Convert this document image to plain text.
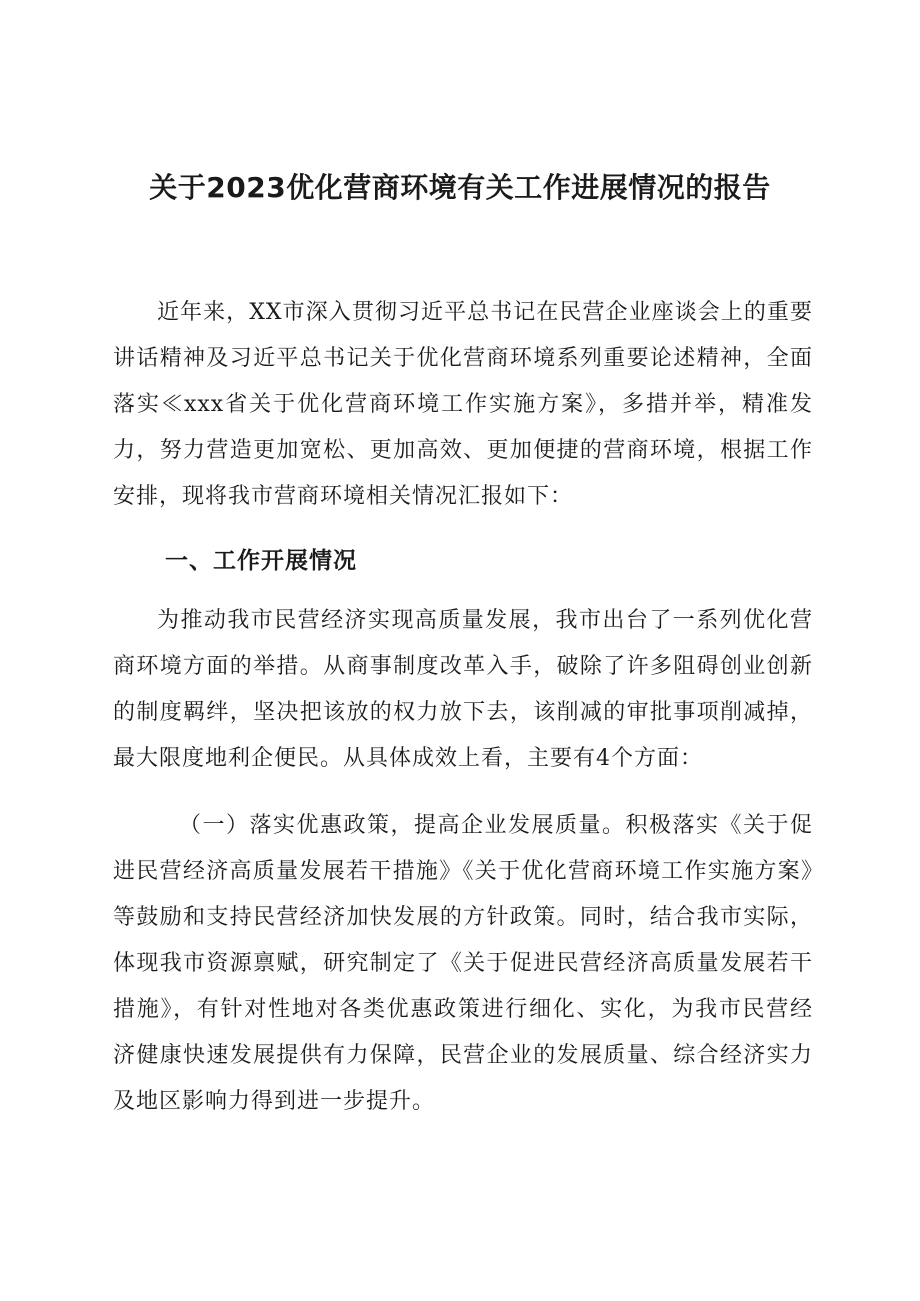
关于2023优化营商环境有关工作进展情况的报告

近年来，XX市深入贯彻习近平总书记在民营企业座谈会上的重要讲话精神及习近平总书记关于优化营商环境系列重要论述精神，全面落实≪xxx省关于优化营商环境工作实施方案》，多措并举，精准发力，努力营造更加宽松、更加高效、更加便捷的营商环境，根据工作安排，现将我市营商环境相关情况汇报如下：

一、工作开展情况

为推动我市民营经济实现高质量发展，我市出台了一系列优化营商环境方面的举措。从商事制度改革入手，破除了许多阻碍创业创新的制度羁绊，坚决把该放的权力放下去，该削减的审批事项削减掉，最大限度地利企便民。从具体成效上看，主要有4个方面：

（一）落实优惠政策，提高企业发展质量。积极落实《关于促进民营经济高质量发展若干措施》《关于优化营商环境工作实施方案》等鼓励和支持民营经济加快发展的方针政策。同时，结合我市实际，体现我市资源禀赋，研究制定了《关于促进民营经济高质量发展若干措施》，有针对性地对各类优惠政策进行细化、实化，为我市民营经济健康快速发展提供有力保障，民营企业的发展质量、综合经济实力及地区影响力得到进一步提升。
